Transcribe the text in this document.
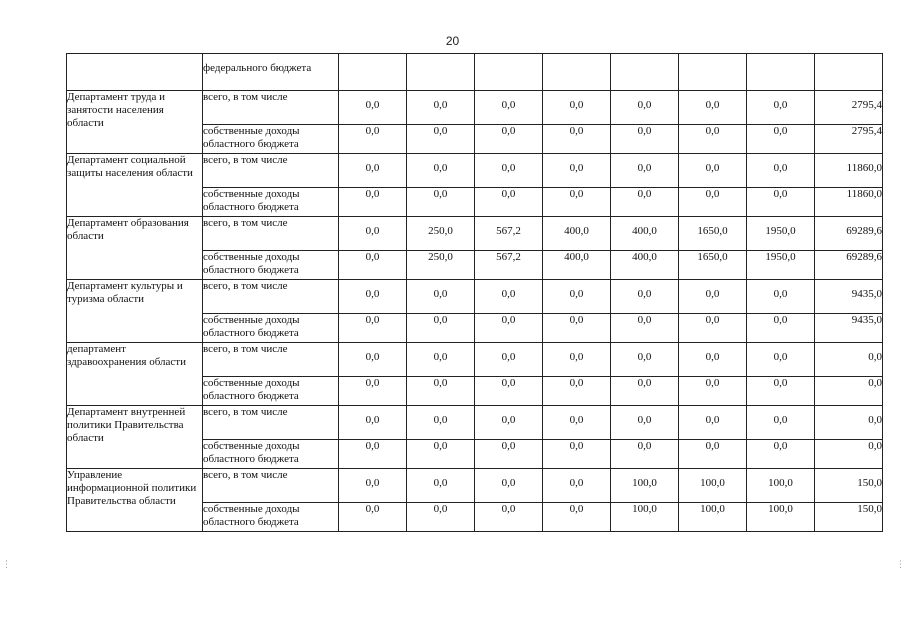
20
	федерального бюджета								
Департамент труда и занятости населения области	всего, в том числе	0,0	0,0	0,0	0,0	0,0	0,0	0,0	2795,4
	собственные доходы областного бюджета	0,0	0,0	0,0	0,0	0,0	0,0	0,0	2795,4
Департамент социальной защиты населения области	всего, в том числе	0,0	0,0	0,0	0,0	0,0	0,0	0,0	11860,0
	собственные доходы областного бюджета	0,0	0,0	0,0	0,0	0,0	0,0	0,0	11860,0
Департамент образования области	всего, в том числе	0,0	250,0	567,2	400,0	400,0	1650,0	1950,0	69289,6
	собственные доходы областного бюджета	0,0	250,0	567,2	400,0	400,0	1650,0	1950,0	69289,6
Департамент культуры и туризма области	всего, в том числе	0,0	0,0	0,0	0,0	0,0	0,0	0,0	9435,0
	собственные доходы областного бюджета	0,0	0,0	0,0	0,0	0,0	0,0	0,0	9435,0
департамент здравоохранения области	всего, в том числе	0,0	0,0	0,0	0,0	0,0	0,0	0,0	0,0
	собственные доходы областного бюджета	0,0	0,0	0,0	0,0	0,0	0,0	0,0	0,0
Департамент внутренней политики Правительства области	всего, в том числе	0,0	0,0	0,0	0,0	0,0	0,0	0,0	0,0
	собственные доходы областного бюджета	0,0	0,0	0,0	0,0	0,0	0,0	0,0	0,0
Управление информационной политики Правительства области	всего, в том числе	0,0	0,0	0,0	0,0	100,0	100,0	100,0	150,0
	собственные доходы областного бюджета	0,0	0,0	0,0	0,0	100,0	100,0	100,0	150,0
⋮	⋮
